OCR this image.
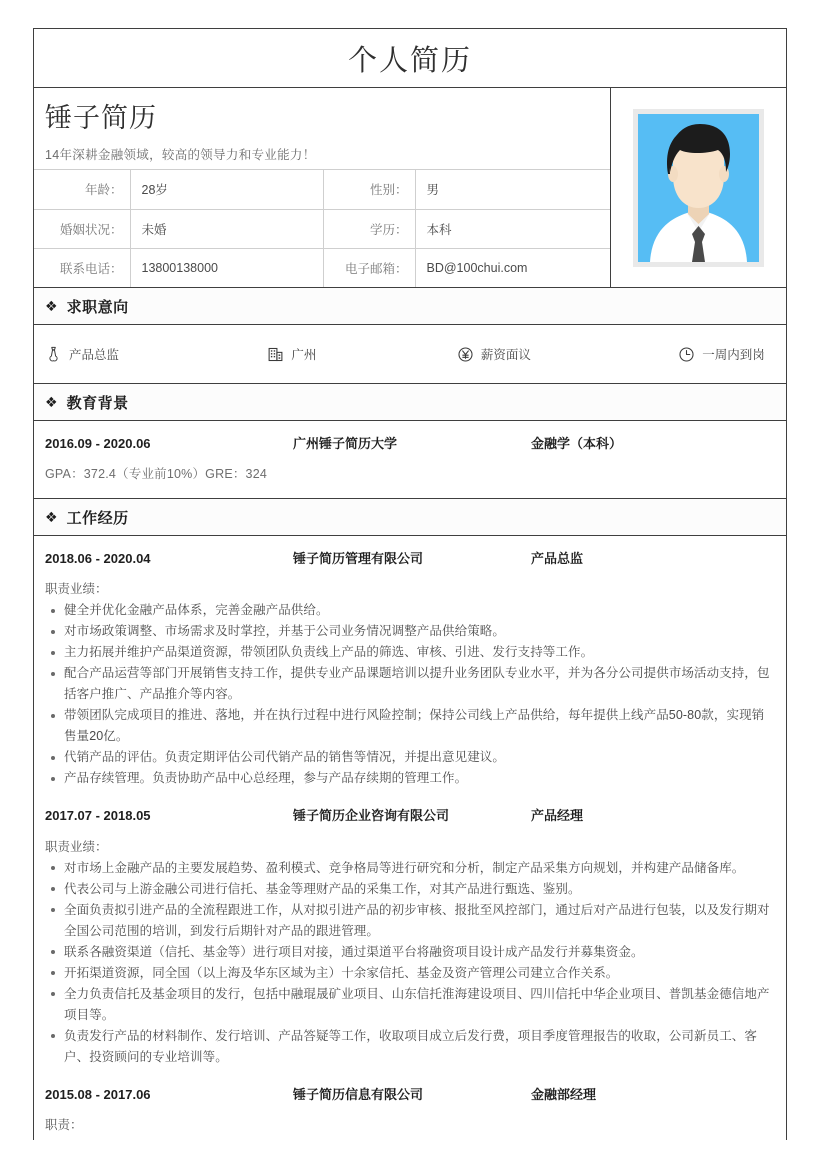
个人简历
锤子简历
14年深耕金融领域，较高的领导力和专业能力！
年龄：	28岁	性别：	男
婚姻状况：	未婚	学历：	本科
联系电话：	13800138000	电子邮箱：	BD@100chui.com
❖ 求职意向
产品总监	广州	薪资面议	一周内到岗
❖ 教育背景
2016.09 - 2020.06	广州锤子简历大学	金融学（本科）
GPA：372.4（专业前10%）GRE：324
❖ 工作经历
2018.06 - 2020.04	锤子简历管理有限公司	产品总监
职责业绩：
健全并优化金融产品体系，完善金融产品供给。
对市场政策调整、市场需求及时掌控，并基于公司业务情况调整产品供给策略。
主力拓展并维护产品渠道资源，带领团队负责线上产品的筛选、审核、引进、发行支持等工作。
配合产品运营等部门开展销售支持工作，提供专业产品课题培训以提升业务团队专业水平，并为各分公司提供市场活动支持，包括客户推广、产品推介等内容。
带领团队完成项目的推进、落地，并在执行过程中进行风险控制；保持公司线上产品供给，每年提供上线产品50-80款，实现销售量20亿。
代销产品的评估。负责定期评估公司代销产品的销售等情况，并提出意见建议。
产品存续管理。负责协助产品中心总经理，参与产品存续期的管理工作。
2017.07 - 2018.05	锤子简历企业咨询有限公司	产品经理
职责业绩：
对市场上金融产品的主要发展趋势、盈利模式、竞争格局等进行研究和分析，制定产品采集方向规划，并构建产品储备库。
代表公司与上游金融公司进行信托、基金等理财产品的采集工作，对其产品进行甄选、鉴别。
全面负责拟引进产品的全流程跟进工作，从对拟引进产品的初步审核、报批至风控部门，通过后对产品进行包装，以及发行期对全国公司范围的培训，到发行后期针对产品的跟进管理。
联系各融资渠道（信托、基金等）进行项目对接，通过渠道平台将融资项目设计成产品发行并募集资金。
开拓渠道资源，同全国（以上海及华东区域为主）十余家信托、基金及资产管理公司建立合作关系。
全力负责信托及基金项目的发行，包括中融琨晟矿业项目、山东信托淮海建设项目、四川信托中华企业项目、普凯基金德信地产项目等。
负责发行产品的材料制作、发行培训、产品答疑等工作，收取项目成立后发行费，项目季度管理报告的收取，公司新员工、客户、投资顾问的专业培训等。
2015.08 - 2017.06	锤子简历信息有限公司	金融部经理
职责：
